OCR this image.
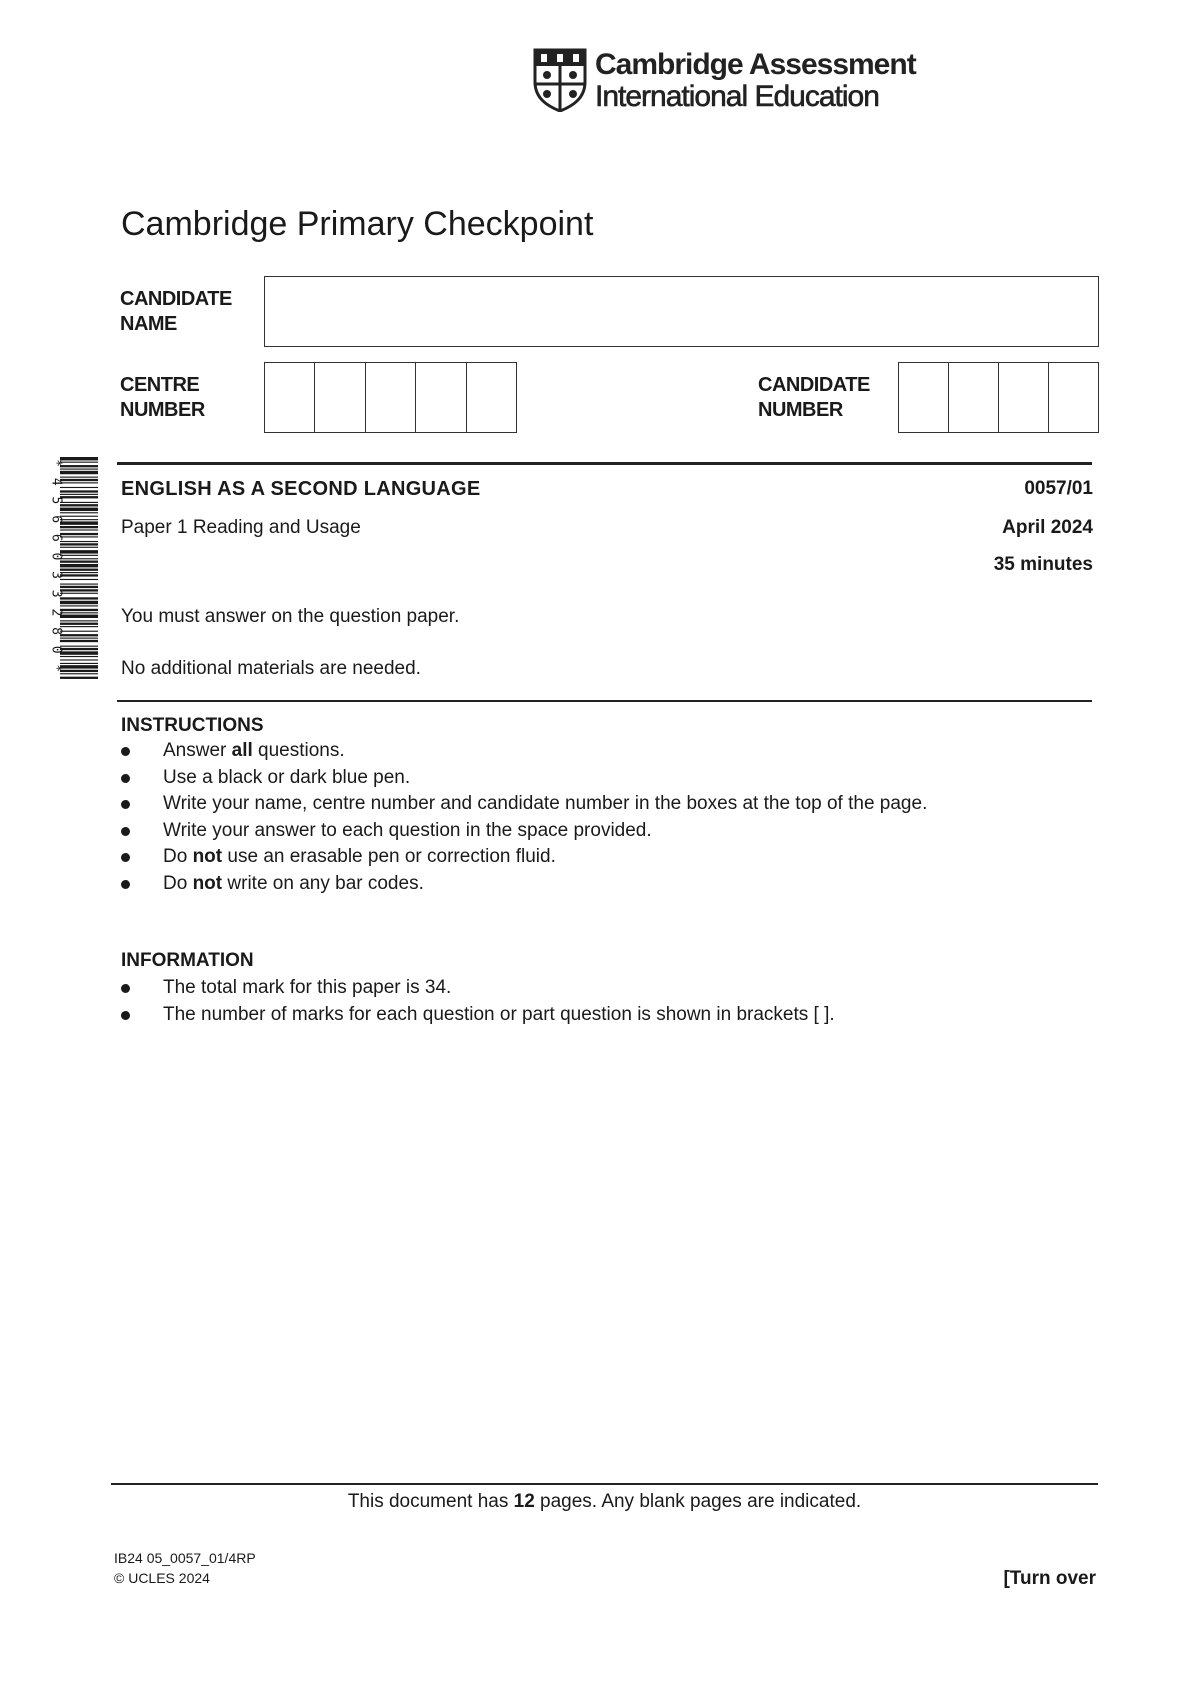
Cambridge Assessment
International Education
Cambridge Primary Checkpoint
CANDIDATE
NAME
CENTRE
NUMBER
CANDIDATE
NUMBER
* 4 5 6 6 0 3 3 2 8 0 *	ENGLISH AS A SECOND LANGUAGE	0057/01
Paper 1 Reading and Usage	April 2024
35 minutes
You must answer on the question paper.
No additional materials are needed.
INSTRUCTIONS
Answer all questions.
Use a black or dark blue pen.
Write your name, centre number and candidate number in the boxes at the top of the page.
Write your answer to each question in the space provided.
Do not use an erasable pen or correction fluid.
Do not write on any bar codes.
INFORMATION
The total mark for this paper is 34.
The number of marks for each question or part question is shown in brackets [ ].
This document has 12 pages. Any blank pages are indicated.
IB24 05_0057_01/4RP
© UCLES 2024	[Turn over
